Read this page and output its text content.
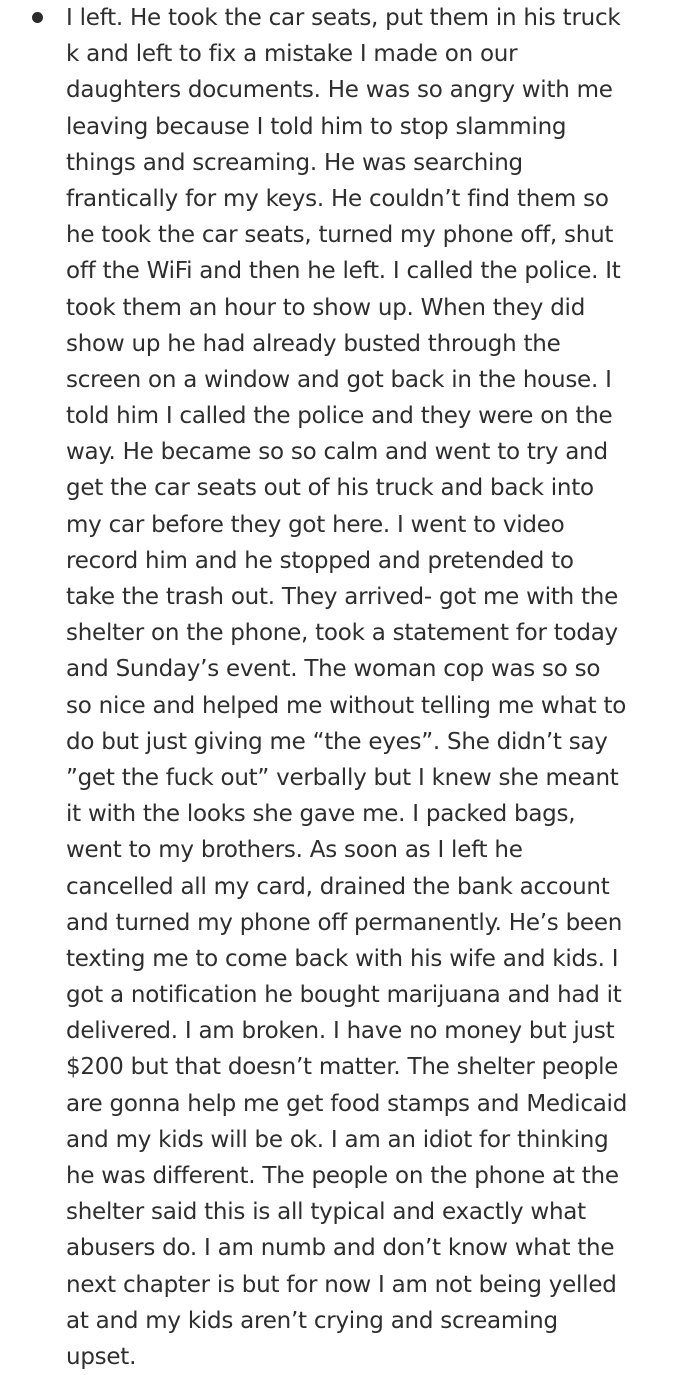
I left. He took the car seats, put them in his truck
k and left to fix a mistake I made on our
daughters documents. He was so angry with me
leaving because I told him to stop slamming
things and screaming. He was searching
frantically for my keys. He couldn’t find them so
he took the car seats, turned my phone off, shut
off the WiFi and then he left. I called the police. It
took them an hour to show up. When they did
show up he had already busted through the
screen on a window and got back in the house. I
told him I called the police and they were on the
way. He became so so calm and went to try and
get the car seats out of his truck and back into
my car before they got here. I went to video
record him and he stopped and pretended to
take the trash out. They arrived- got me with the
shelter on the phone, took a statement for today
and Sunday’s event. The woman cop was so so
so nice and helped me without telling me what to
do but just giving me “the eyes”. She didn’t say
”get the fuck out” verbally but I knew she meant
it with the looks she gave me. I packed bags,
went to my brothers. As soon as I left he
cancelled all my card, drained the bank account
and turned my phone off permanently. He’s been
texting me to come back with his wife and kids. I
got a notification he bought marijuana and had it
delivered. I am broken. I have no money but just
$200 but that doesn’t matter. The shelter people
are gonna help me get food stamps and Medicaid
and my kids will be ok. I am an idiot for thinking
he was different. The people on the phone at the
shelter said this is all typical and exactly what
abusers do. I am numb and don’t know what the
next chapter is but for now I am not being yelled
at and my kids aren’t crying and screaming
upset.
